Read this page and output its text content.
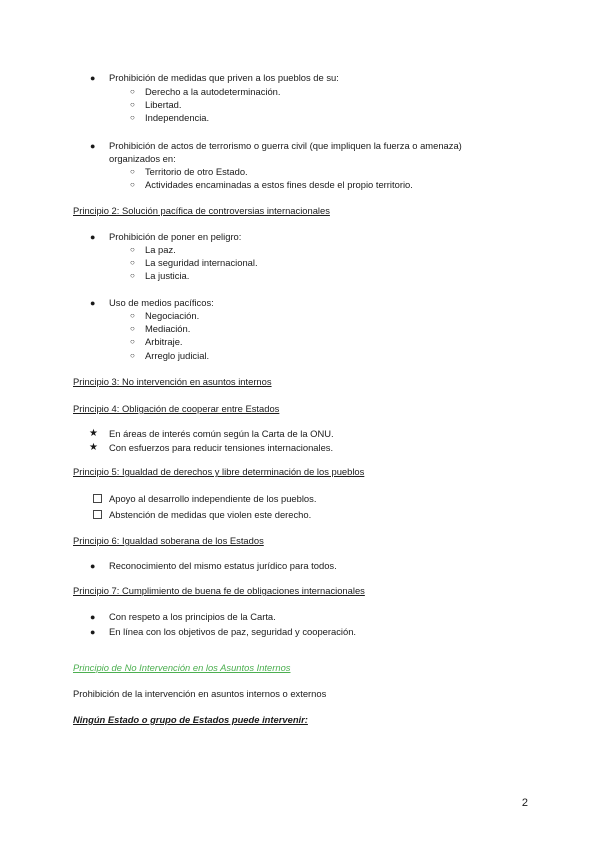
● Prohibición de medidas que priven a los pueblos de su:
○ Derecho a la autodeterminación.
○ Libertad.
○ Independencia.
● Prohibición de actos de terrorismo o guerra civil (que impliquen la fuerza o amenaza)
organizados en:
○ Territorio de otro Estado.
○ Actividades encaminadas a estos fines desde el propio territorio.
Principio 2: Solución pacífica de controversias internacionales
● Prohibición de poner en peligro:
○ La paz.
○ La seguridad internacional.
○ La justicia.
● Uso de medios pacíficos:
○ Negociación.
○ Mediación.
○ Arbitraje.
○ Arreglo judicial.
Principio 3: No intervención en asuntos internos
Principio 4: Obligación de cooperar entre Estados
★ En áreas de interés común según la Carta de la ONU.
★ Con esfuerzos para reducir tensiones internacionales.
Principio 5: Igualdad de derechos y libre determinación de los pueblos
Apoyo al desarrollo independiente de los pueblos.
Abstención de medidas que violen este derecho.
Principio 6: Igualdad soberana de los Estados
● Reconocimiento del mismo estatus jurídico para todos.
Principio 7: Cumplimiento de buena fe de obligaciones internacionales
● Con respeto a los principios de la Carta.
● En línea con los objetivos de paz, seguridad y cooperación.
Principio de No Intervención en los Asuntos Internos
Prohibición de la intervención en asuntos internos o externos
Ningún Estado o grupo de Estados puede intervenir:
2
